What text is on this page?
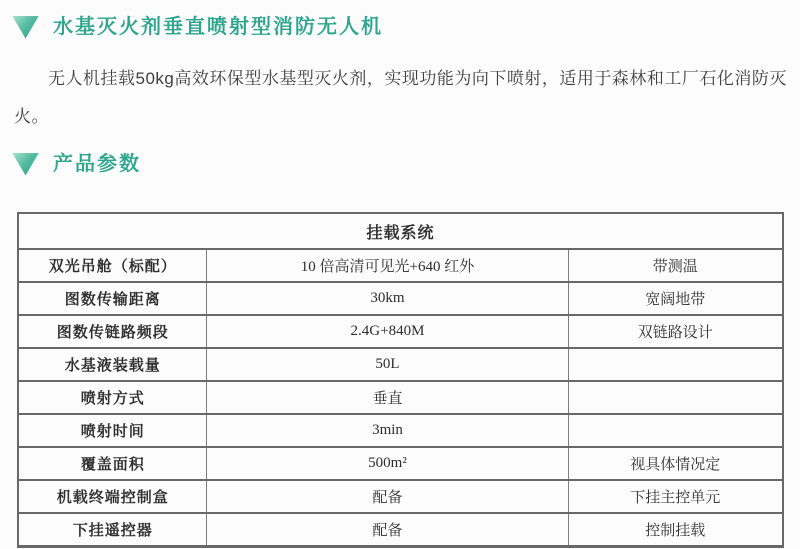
水基灭火剂垂直喷射型消防无人机

无人机挂载50kg高效环保型水基型灭火剂，实现功能为向下喷射，适用于森林和工厂石化消防灭火。

产品参数
挂载系统		
双光吊舱（标配）	10 倍高清可见光+640 红外	带测温
图数传输距离	30km	宽阔地带
图数传链路频段	2.4G+840M	双链路设计
水基液装载量	50L	
喷射方式	垂直	
喷射时间	3min	
覆盖面积	500m²	视具体情况定
机载终端控制盒	配备	下挂主控单元
下挂遥控器	配备	控制挂载
